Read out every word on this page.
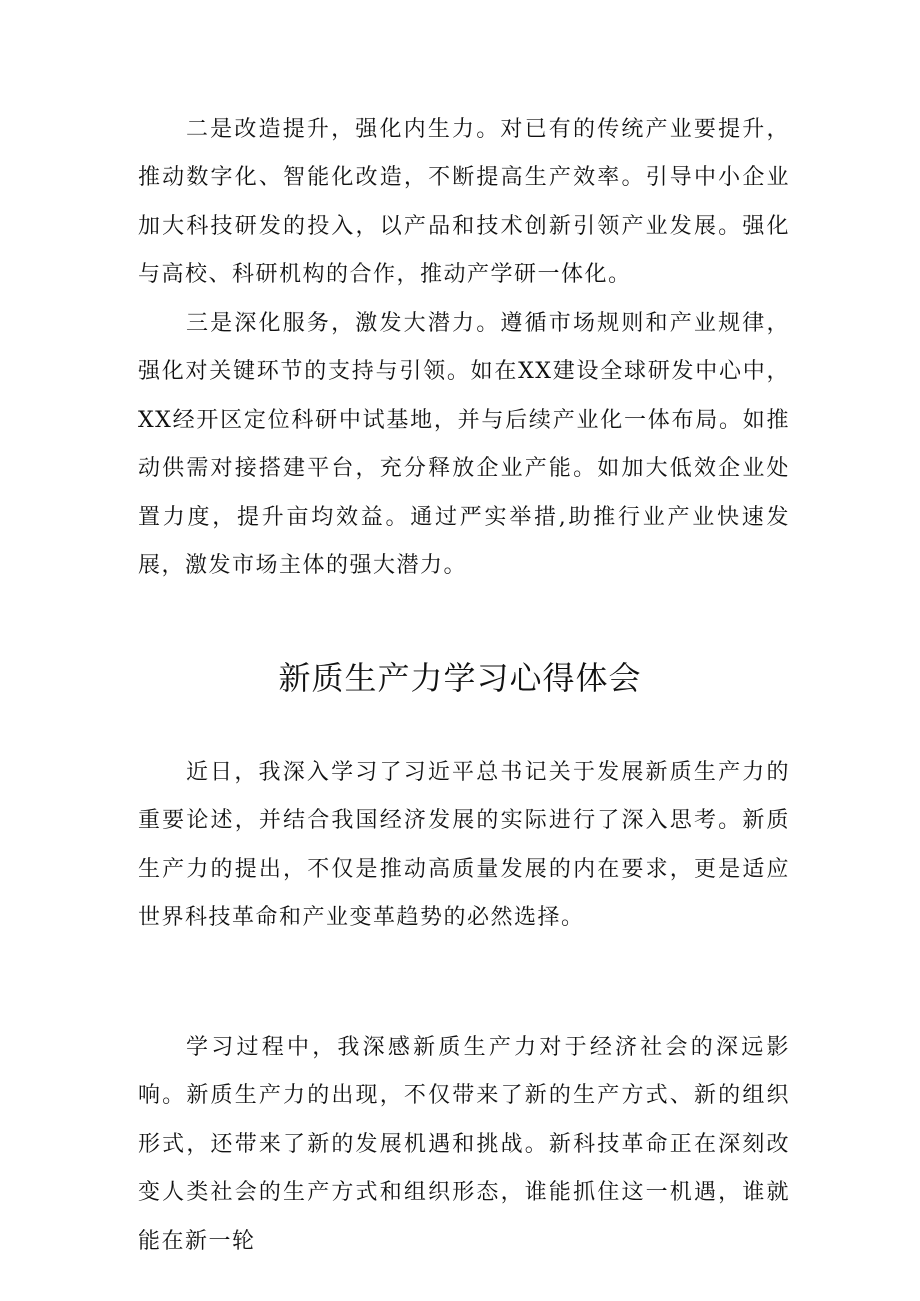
二是改造提升，强化内生力。对已有的传统产业要提升，推动数字化、智能化改造，不断提高生产效率。引导中小企业加大科技研发的投入，以产品和技术创新引领产业发展。强化与高校、科研机构的合作，推动产学研一体化。

三是深化服务，激发大潜力。遵循市场规则和产业规律，强化对关键环节的支持与引领。如在XX建设全球研发中心中，XX经开区定位科研中试基地，并与后续产业化一体布局。如推动供需对接搭建平台，充分释放企业产能。如加大低效企业处置力度，提升亩均效益。通过严实举措,助推行业产业快速发展，激发市场主体的强大潜力。

新质生产力学习心得体会

近日，我深入学习了习近平总书记关于发展新质生产力的重要论述，并结合我国经济发展的实际进行了深入思考。新质生产力的提出，不仅是推动高质量发展的内在要求，更是适应世界科技革命和产业变革趋势的必然选择。

学习过程中，我深感新质生产力对于经济社会的深远影响。新质生产力的出现，不仅带来了新的生产方式、新的组织形式，还带来了新的发展机遇和挑战。新科技革命正在深刻改变人类社会的生产方式和组织形态，谁能抓住这一机遇，谁就能在新一轮
